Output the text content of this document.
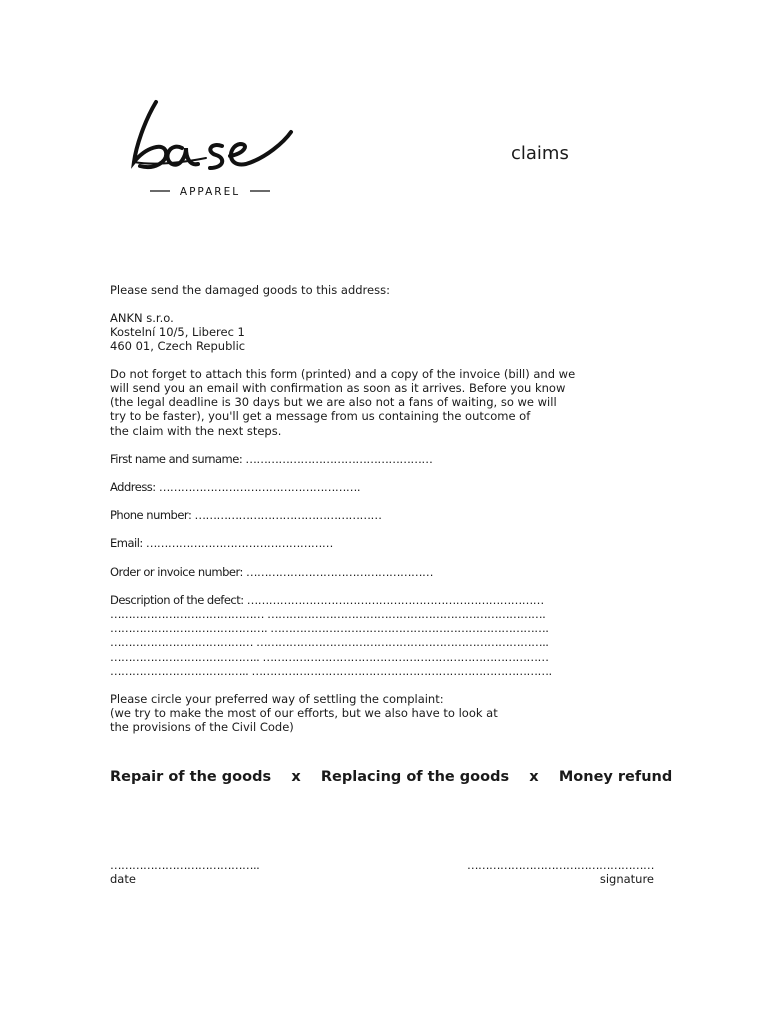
APPAREL
claims

Please send the damaged goods to this address:

ANKN s.r.o.

Kostelní 10/5, Liberec 1

460 01, Czech Republic

Do not forget to attach this form (printed) and a copy of the invoice (bill) and we

will send you an email with confirmation as soon as it arrives. Before you know

(the legal deadline is 30 days but we are also not a fans of waiting, so we will

try to be faster), you'll get a message from us containing the outcome of

the claim with the next steps.

First name and surname: ……………………………………………

Address: ……………………………………………….

Phone number: ……………………………………………

Email: ……………………………………………

Order or invoice number: ……………………………………………

Description of the defect: ………………………………………………………………………

…………………………………… ………………………………………………………………….

……………………………………. ………………………………………………………………….

………………………………… ……………………………………………………………………..

………………………………….. ……………………………………………………………………

……………………………….. ……………………………………………………………………….

Please circle your preferred way of settling the complaint:

(we try to make the most of our efforts, but we also have to look at

the provisions of the Civil Code)

Repair of the goods x Replacing of the goods x Money refund
…………………………………..
date
……………………………………………
signature
